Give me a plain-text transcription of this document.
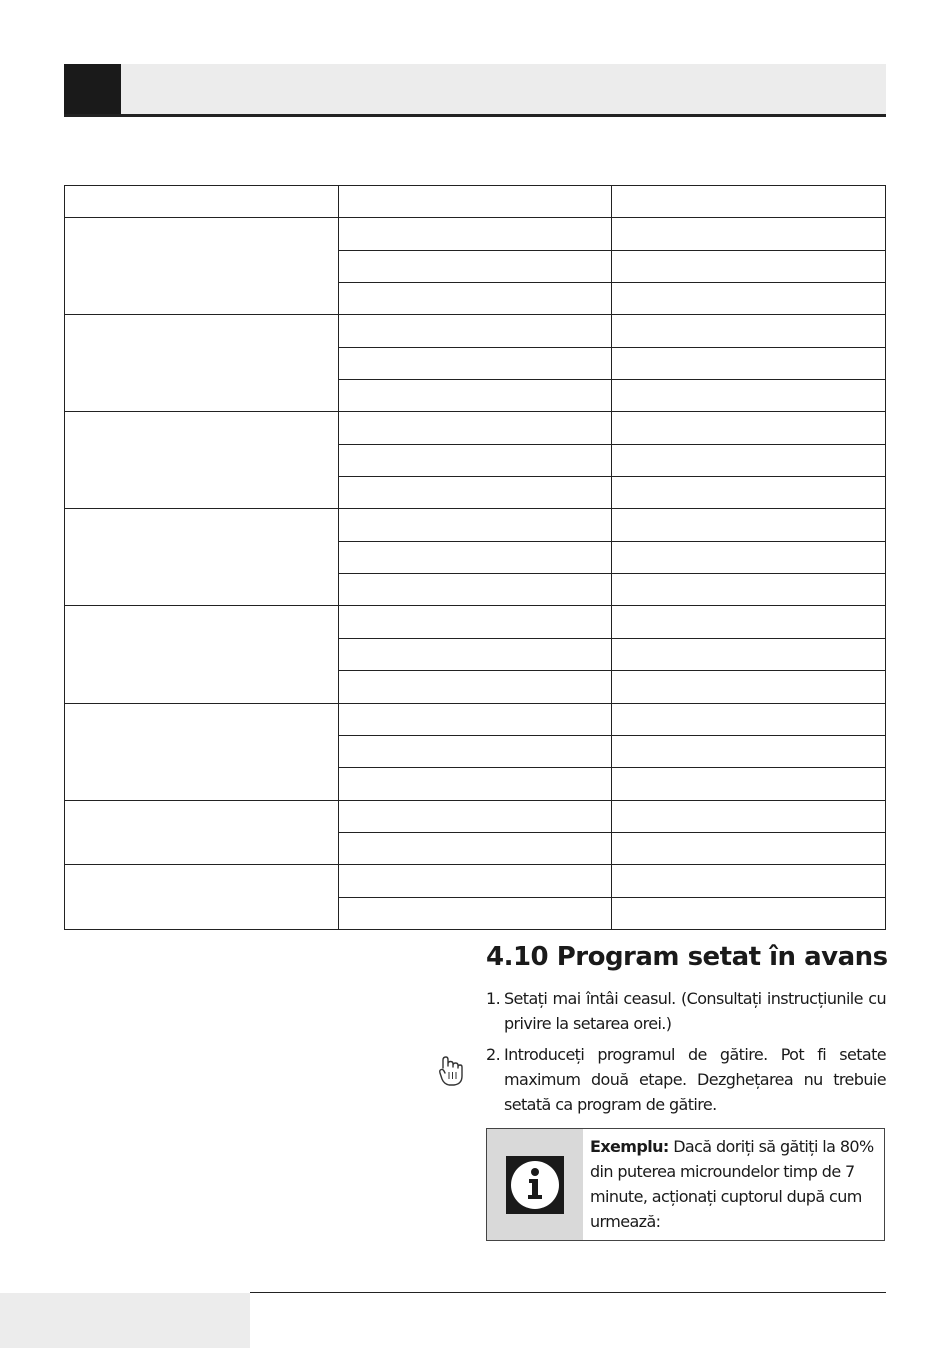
4.10 Program setat în avans
1. Setați mai întâi ceasul. (Consultați instrucțiunile cu privire la setarea orei.)
2. Introduceți programul de gătire. Pot fi setate maximum două etape. Dezghețarea nu trebuie setată ca program de gătire.
Exemplu: Dacă doriți să gătiți la 80% din puterea microundelor timp de 7 minute, acționați cuptorul după cum urmează:
